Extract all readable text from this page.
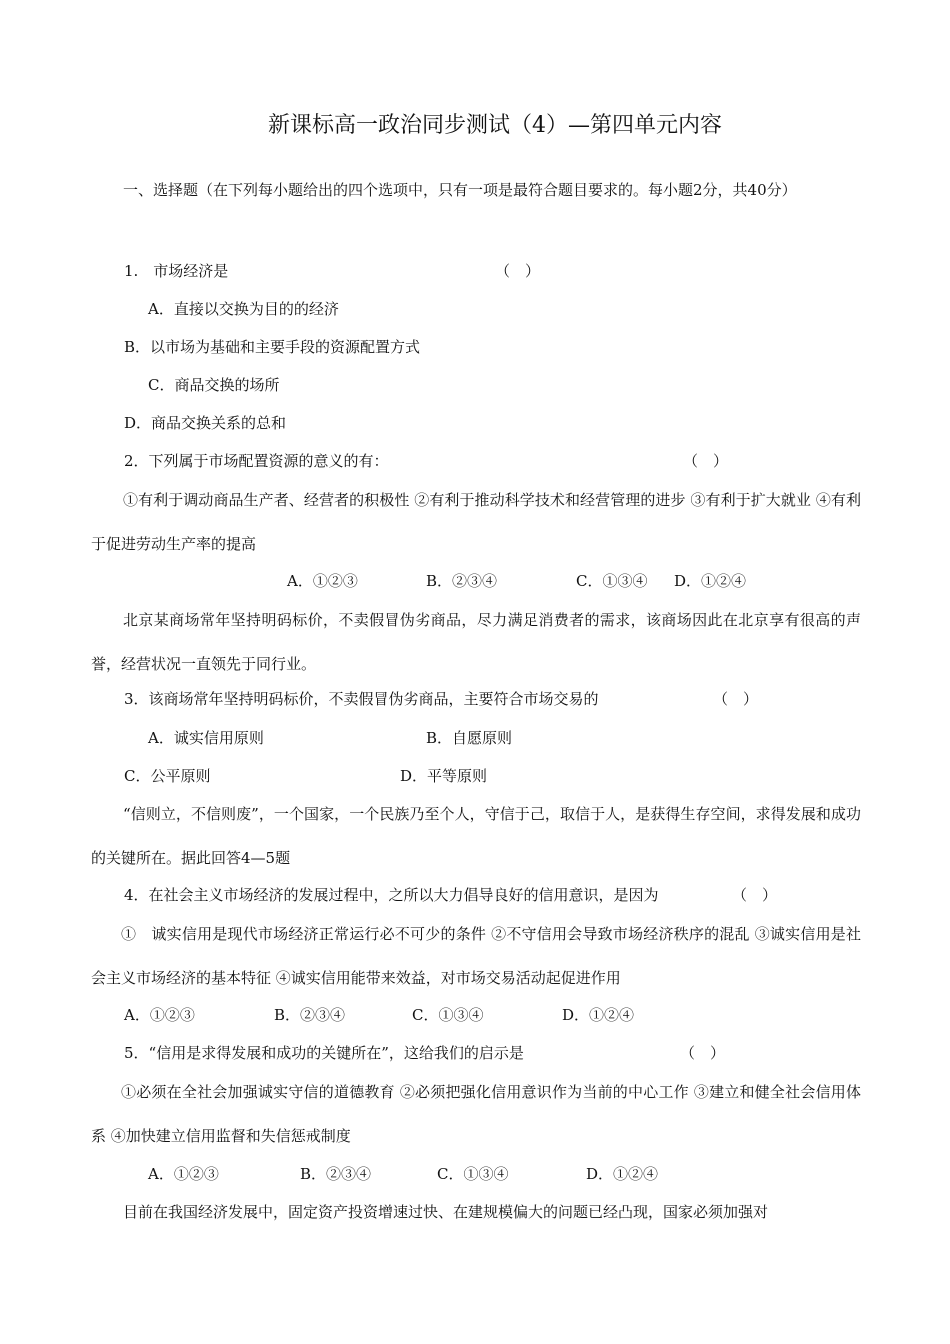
新课标高一政治同步测试（4）—第四单元内容
一、选择题（在下列每小题给出的四个选项中，只有一项是最符合题目要求的。每小题2分，共40分）
1.　市场经济是	（　）
A．直接以交换为目的的经济
B．以市场为基础和主要手段的资源配置方式
C．商品交换的场所
D．商品交换关系的总和
2．下列属于市场配置资源的意义的有：	（　）
①有利于调动商品生产者、经营者的积极性 ②有利于推动科学技术和经营管理的进步 ③有利于扩大就业 ④有利于促进劳动生产率的提高
A．①②③	B．②③④	C．①③④ D．①②④
北京某商场常年坚持明码标价，不卖假冒伪劣商品，尽力满足消费者的需求，该商场因此在北京享有很高的声誉，经营状况一直领先于同行业。
3．该商场常年坚持明码标价，不卖假冒伪劣商品，主要符合市场交易的	（　）
A．诚实信用原则	B．自愿原则
C．公平原则	D．平等原则
“信则立，不信则废”，一个国家，一个民族乃至个人，守信于己，取信于人，是获得生存空间，求得发展和成功的关键所在。据此回答4—5题
4．在社会主义市场经济的发展过程中，之所以大力倡导良好的信用意识，是因为	（　）
①　诚实信用是现代市场经济正常运行必不可少的条件 ②不守信用会导致市场经济秩序的混乱 ③诚实信用是社会主义市场经济的基本特征 ④诚实信用能带来效益，对市场交易活动起促进作用
A．①②③	B．②③④	C．①③④	D．①②④
5．“信用是求得发展和成功的关键所在”，这给我们的启示是	（　）
①必须在全社会加强诚实守信的道德教育 ②必须把强化信用意识作为当前的中心工作 ③建立和健全社会信用体系 ④加快建立信用监督和失信惩戒制度
A．①②③	B．②③④	C．①③④	D．①②④
目前在我国经济发展中，固定资产投资增速过快、在建规模偏大的问题已经凸现，国家必须加强对
